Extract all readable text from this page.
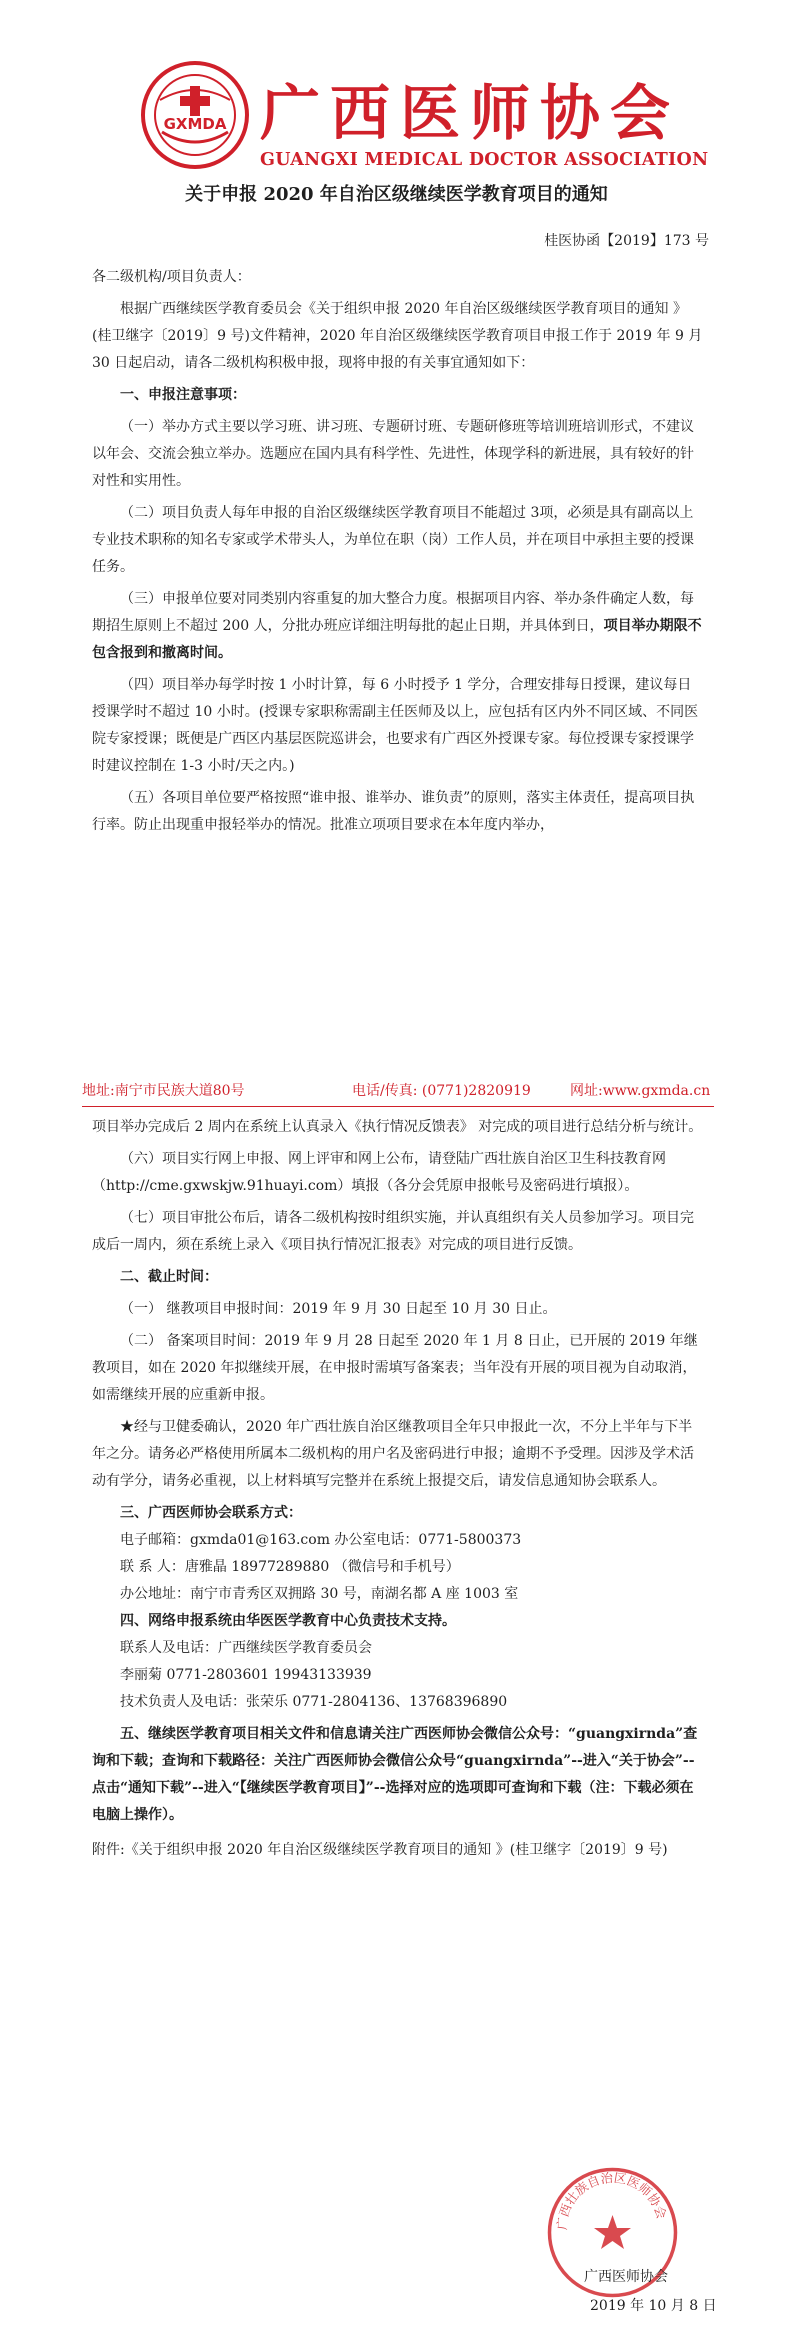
GXMDA 广西医师协会
GUANGXI MEDICAL DOCTOR ASSOCIATION
关于申报 2020 年自治区级继续医学教育项目的通知
桂医协函【2019】173 号

各二级机构/项目负责人：

根据广西继续医学教育委员会《关于组织申报 2020 年自治区级继续医学教育项目的通知 》(桂卫继字〔2019〕9 号)文件精神，2020 年自治区级继续医学教育项目申报工作于 2019 年 9 月 30 日起启动，请各二级机构积极申报，现将申报的有关事宜通知如下：

一、申报注意事项：

（一）举办方式主要以学习班、讲习班、专题研讨班、专题研修班等培训班培训形式，不建议以年会、交流会独立举办。选题应在国内具有科学性、先进性，体现学科的新进展，具有较好的针对性和实用性。

（二）项目负责人每年申报的自治区级继续医学教育项目不能超过 3项，必须是具有副高以上专业技术职称的知名专家或学术带头人，为单位在职（岗）工作人员，并在项目中承担主要的授课任务。

（三）申报单位要对同类别内容重复的加大整合力度。根据项目内容、举办条件确定人数，每期招生原则上不超过 200 人，分批办班应详细注明每批的起止日期，并具体到日，项目举办期限不包含报到和撤离时间。

（四）项目举办每学时按 1 小时计算，每 6 小时授予 1 学分，合理安排每日授课，建议每日授课学时不超过 10 小时。(授课专家职称需副主任医师及以上，应包括有区内外不同区域、不同医院专家授课；既便是广西区内基层医院巡讲会，也要求有广西区外授课专家。每位授课专家授课学时建议控制在 1-3 小时/天之内。)

（五）各项目单位要严格按照“谁申报、谁举办、谁负责”的原则，落实主体责任，提高项目执行率。防止出现重申报轻举办的情况。批准立项项目要求在本年度内举办，

地址:南宁市民族大道80号	电话/传真: (0771)2820919	网址:www.gxmda.cn

项目举办完成后 2 周内在系统上认真录入《执行情况反馈表》 对完成的项目进行总结分析与统计。

（六）项目实行网上申报、网上评审和网上公布，请登陆广西壮族自治区卫生科技教育网（http://cme.gxwskjw.91huayi.com）填报（各分会凭原申报帐号及密码进行填报）。

（七）项目审批公布后，请各二级机构按时组织实施，并认真组织有关人员参加学习。项目完成后一周内，须在系统上录入《项目执行情况汇报表》对完成的项目进行反馈。

二、截止时间：

（一） 继教项目申报时间：2019 年 9 月 30 日起至 10 月 30 日止。

（二） 备案项目时间：2019 年 9 月 28 日起至 2020 年 1 月 8 日止，已开展的 2019 年继教项目，如在 2020 年拟继续开展，在申报时需填写备案表；当年没有开展的项目视为自动取消，如需继续开展的应重新申报。

★经与卫健委确认，2020 年广西壮族自治区继教项目全年只申报此一次，不分上半年与下半年之分。请务必严格使用所属本二级机构的用户名及密码进行申报；逾期不予受理。因涉及学术活动有学分，请务必重视，以上材料填写完整并在系统上报提交后，请发信息通知协会联系人。

三、广西医师协会联系方式：

电子邮箱：gxmda01@163.com 办公室电话：0771-5800373

联 系 人：唐雅晶 18977289880 （微信号和手机号）

办公地址：南宁市青秀区双拥路 30 号，南湖名都 A 座 1003 室

四、网络申报系统由华医医学教育中心负责技术支持。

联系人及电话：广西继续医学教育委员会

李丽菊 0771-2803601 19943133939

技术负责人及电话：张荣乐 0771-2804136、13768396890

五、继续医学教育项目相关文件和信息请关注广西医师协会微信公众号：“guangxirnda”查询和下载；查询和下载路径：关注广西医师协会微信公众号“guangxirnda”--进入“关于协会”--点击“通知下载”--进入“【继续医学教育项目】”--选择对应的选项即可查询和下载（注：下载必须在电脑上操作）。

附件:《关于组织申报 2020 年自治区级继续医学教育项目的通知 》(桂卫继字〔2019〕9 号)

广西壮族自治区医师协会
广西医师协会
2019 年 10 月 8 日
